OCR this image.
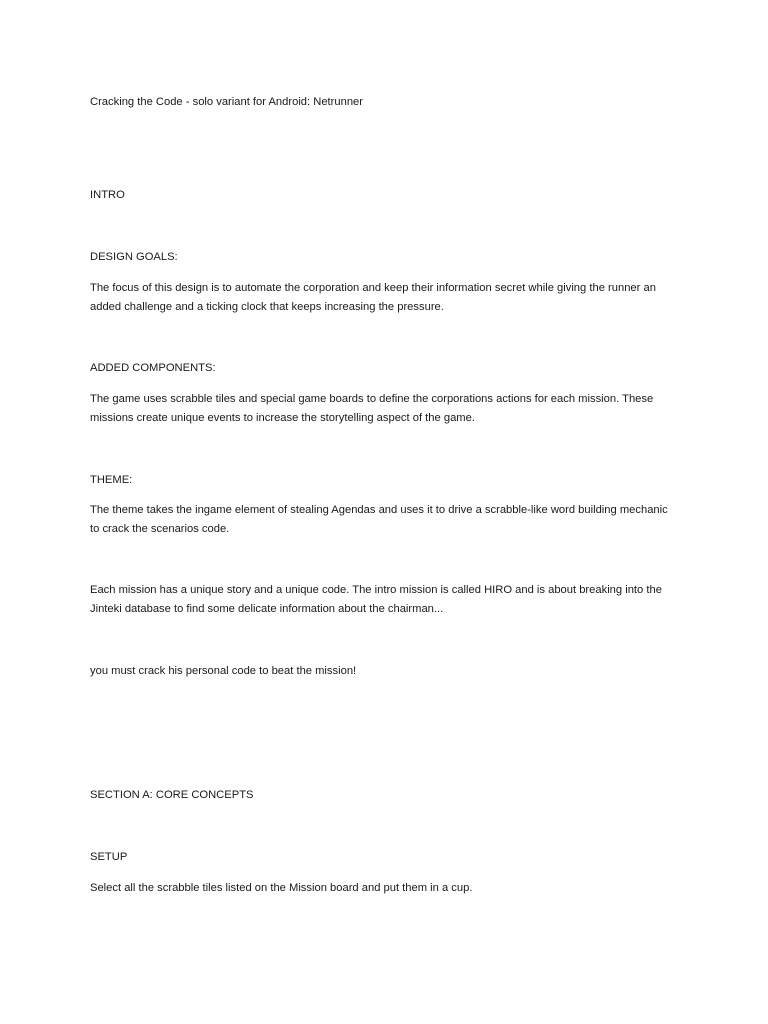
Cracking the Code - solo variant for Android: Netrunner

INTRO

DESIGN GOALS:

The focus of this design is to automate the corporation and keep their information secret while giving the runner an added challenge and a ticking clock that keeps increasing the pressure.

ADDED COMPONENTS:

The game uses scrabble tiles and special game boards to define the corporations actions for each mission. These missions create unique events to increase the storytelling aspect of the game.

THEME:

The theme takes the ingame element of stealing Agendas and uses it to drive a scrabble-like word building mechanic to crack the scenarios code.

Each mission has a unique story and a unique code. The intro mission is called HIRO and is about breaking into the Jinteki database to find some delicate information about the chairman...

you must crack his personal code to beat the mission!

SECTION A: CORE CONCEPTS

SETUP

Select all the scrabble tiles listed on the Mission board and put them in a cup.
